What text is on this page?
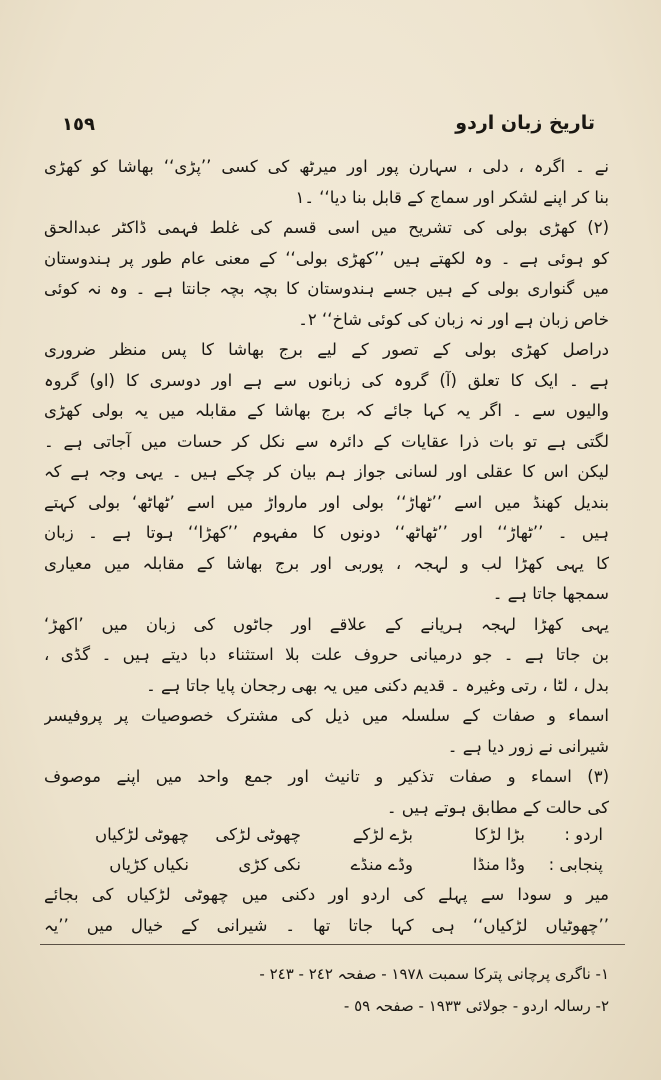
تاریخ زبان اردو
١٥٩
نے ۔ اگرہ ، دلی ، سہارن پور اور میرٹھ کی کسی ’’پڑی‘‘ بھاشا کو کھڑی
بنا کر اپنے لشکر اور سماج کے قابل بنا دیا‘‘ ۔١
(٢) کھڑی بولی کی تشریح میں اسی قسم کی غلط فہمی ڈاکٹر عبدالحق
کو ہوئی ہے ۔ وہ لکھتے ہیں ’’کھڑی بولی‘‘ کے معنی عام طور پر ہندوستان
میں گنواری بولی کے ہیں جسے ہندوستان کا بچہ بچہ جانتا ہے ۔ وہ نہ کوئی
خاص زبان ہے اور نہ زبان کی کوئی شاخ‘‘ ٢۔
دراصل کھڑی بولی کے تصور کے لیے برج بھاشا کا پس منظر ضروری
ہے ۔ ایک کا تعلق (آ) گروہ کی زبانوں سے ہے اور دوسری کا (او) گروہ
والیوں سے ۔ اگر یہ کہا جائے کہ برج بھاشا کے مقابلہ میں یہ بولی کھڑی
لگتی ہے تو بات ذرا عقایات کے دائرہ سے نکل کر حسات میں آجاتی ہے ۔
لیکن اس کا عقلی اور لسانی جواز ہم بیان کر چکے ہیں ۔ یہی وجہ ہے کہ
بندیل کھنڈ میں اسے ’’ٹھاڑ‘‘ بولی اور مارواڑ میں اسے ’ٹھاٹھ‘ بولی کہتے
ہیں ۔ ’’ٹھاڑ‘‘ اور ’’ٹھاٹھ‘‘ دونوں کا مفہوم ’’کھڑا‘‘ ہوتا ہے ۔ زبان
کا یہی کھڑا لب و لہجہ ، پوربی اور برج بھاشا کے مقابلہ میں معیاری
سمجھا جاتا ہے ۔
یہی کھڑا لہجہ ہریانے کے علاقے اور جاٹوں کی زبان میں ’اکھڑ‘
بن جاتا ہے ۔ جو درمیانی حروف علت بلا استثناء دبا دیتے ہیں ۔ گڈی ،
بدل ، لٹا ، رتی وغیرہ ۔ قدیم دکنی میں یہ بھی رجحان پایا جاتا ہے ۔
اسماء و صفات کے سلسلہ میں ذیل کی مشترک خصوصیات پر پروفیسر
شیرانی نے زور دیا ہے ۔
(٣) اسماء و صفات تذکیر و تانیث اور جمع واحد میں اپنے موصوف
کی حالت کے مطابق ہوتے ہیں ۔
اردو :
بڑا لڑکا
بڑے لڑکے
چھوٹی لڑکی
چھوٹی لڑکیاں
پنجابی :
وڈا منڈا
وڈے منڈے
نکی کڑی
نکیاں کڑیاں
میر و سودا سے پہلے کی اردو اور دکنی میں چھوٹی لڑکیاں کی بجائے
’’چھوٹیاں لڑکیاں‘‘ ہی کہا جاتا تھا ۔ شیرانی کے خیال میں ’’یہ
١- ناگری پرچانی پترکا سمبت ١٩٧٨ - صفحہ ٢٤٢ - ٢٤٣ -
٢- رسالہ اردو - جولائی ١٩٣٣ - صفحہ ٥٩ -
